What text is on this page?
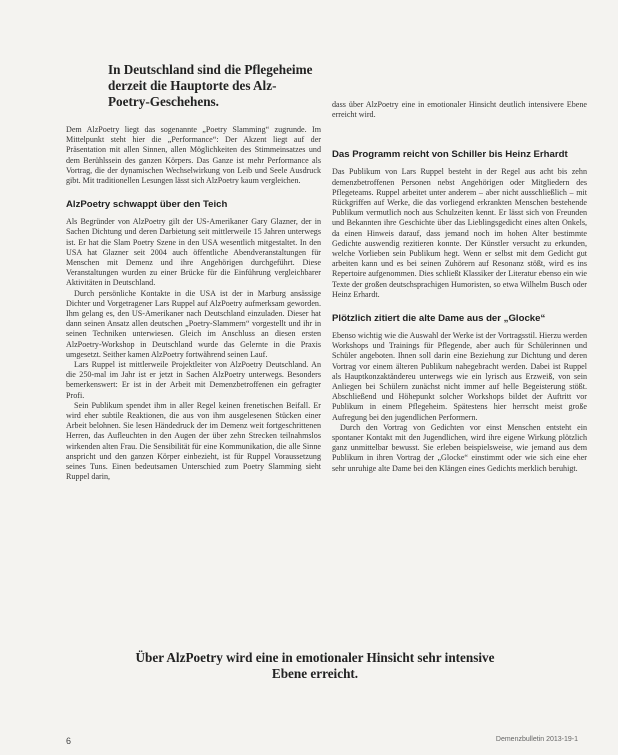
In Deutschland sind die Pflegeheime derzeit die Hauptorte des Alz-Poetry-Geschehens.

Dem AlzPoetry liegt das sogenannte „Poetry Slamming“ zugrunde. Im Mittelpunkt steht hier die „Performance“: Der Akzent liegt auf der Präsentation mit allen Sinnen, allen Möglichkeiten des Stimmeinsatzes und dem Berühlssein des ganzen Körpers. Das Ganze ist mehr Performance als Vortrag, die der dynamischen Wechselwirkung von Leib und Seele Ausdruck gibt. Mit traditionellen Lesungen lässt sich AlzPoetry kaum vergleichen.

AlzPoetry schwappt über den Teich

Als Begründer von AlzPoetry gilt der US-Amerikaner Gary Glazner, der in Sachen Dichtung und deren Darbietung seit mittlerweile 15 Jahren unterwegs ist. Er hat die Slam Poetry Szene in den USA wesentlich mitgestaltet. In den USA hat Glazner seit 2004 auch öffentliche Abendveranstaltungen für Menschen mit Demenz und ihre Angehörigen durchgeführt. Diese Veranstaltungen wurden zu einer Brücke für die Einführung vergleichbarer Aktivitäten in Deutschland.

Durch persönliche Kontakte in die USA ist der in Marburg ansässige Dichter und Vorgetragener Lars Ruppel auf AlzPoetry aufmerksam geworden. Ihm gelang es, den US-Amerikaner nach Deutschland einzuladen. Dieser hat dann seinen Ansatz allen deutschen „Poetry-Slammern“ vorgestellt und ihr in seinen Techniken unterwiesen. Gleich im Anschluss an diesen ersten AlzPoetry-Workshop in Deutschland wurde das Gelernte in die Praxis umgesetzt. Seither kamen AlzPoetry fortwährend seinen Lauf.

Lars Ruppel ist mittlerweile Projektleiter von AlzPoetry Deutschland. An die 250-mal im Jahr ist er jetzt in Sachen AlzPoetry unterwegs. Besonders bemerkenswert: Er ist in der Arbeit mit Demenzbetroffenen ein gefragter Profi.

Sein Publikum spendet ihm in aller Regel keinen frenetischen Beifall. Er wird eher subtile Reaktionen, die aus von ihm ausgelesenen Stücken einer Arbeit belohnen. Sie lesen Händedruck der im Demenz weit fortgeschrittenen Herren, das Aufleuchten in den Augen der über zehn Strecken teilnahmslos wirkenden alten Frau. Die Sensibilität für eine Kommunikation, die alle Sinne anspricht und den ganzen Körper einbezieht, ist für Ruppel Voraussetzung seines Tuns. Einen bedeutsamen Unterschied zum Poetry Slamming sieht Ruppel darin,

dass über AlzPoetry eine in emotionaler Hinsicht deutlich intensivere Ebene erreicht wird.

Das Programm reicht von Schiller bis Heinz Erhardt

Das Publikum von Lars Ruppel besteht in der Regel aus acht bis zehn demenzbetroffenen Personen nebst Angehörigen oder Mitgliedern des Pflegeteams. Ruppel arbeitet unter anderem – aber nicht ausschließlich – mit Rückgriffen auf Werke, die das vorliegend erkrankten Menschen bestehende Publikum vermutlich noch aus Schulzeiten kennt. Er lässt sich von Freunden und Bekannten ihre Geschichte über das Lieblingsgedicht eines alten Onkels, da einen Hinweis darauf, dass jemand noch im hohen Alter bestimmte Gedichte auswendig rezitieren konnte. Der Künstler versucht zu erkunden, welche Vorlieben sein Publikum hegt. Wenn er selbst mit dem Gedicht gut arbeiten kann und es bei seinen Zuhörern auf Resonanz stößt, wird es ins Repertoire aufgenommen. Dies schließt Klassiker der Literatur ebenso ein wie Texte der großen deutschsprachigen Humoristen, so etwa Wilhelm Busch oder Heinz Erhardt.

Plötzlich zitiert die alte Dame aus der „Glocke“

Ebenso wichtig wie die Auswahl der Werke ist der Vortragsstil. Hierzu werden Workshops und Trainings für Pflegende, aber auch für Schülerinnen und Schüler angeboten. Ihnen soll darin eine Beziehung zur Dichtung und deren Vortrag vor einem älteren Publikum nahegebracht werden. Dabei ist Ruppel als Hauptkonzaktändereu unterwegs wie ein lyrisch aus Erzweiß, von sein Anliegen bei Schülern zunächst nicht immer auf helle Begeisterung stößt. Abschließend und Höhepunkt solcher Workshops bildet der Auftritt vor Publikum in einem Pflegeheim. Spätestens hier herrscht meist große Aufregung bei den jugendlichen Performern.

Durch den Vortrag von Gedichten vor einst Menschen entsteht ein spontaner Kontakt mit den Jugendlichen, wird ihre eigene Wirkung plötzlich ganz unmittelbar bewusst. Sie erleben beispielsweise, wie jemand aus dem Publikum in ihren Vortrag der „Glocke“ einstimmt oder wie sich eine eher sehr unruhige alte Dame bei den Klängen eines Gedichts merklich beruhigt.

Über AlzPoetry wird eine in emotionaler Hinsicht sehr intensive Ebene erreicht.
6	Demenzbulletin 2013-19-1
